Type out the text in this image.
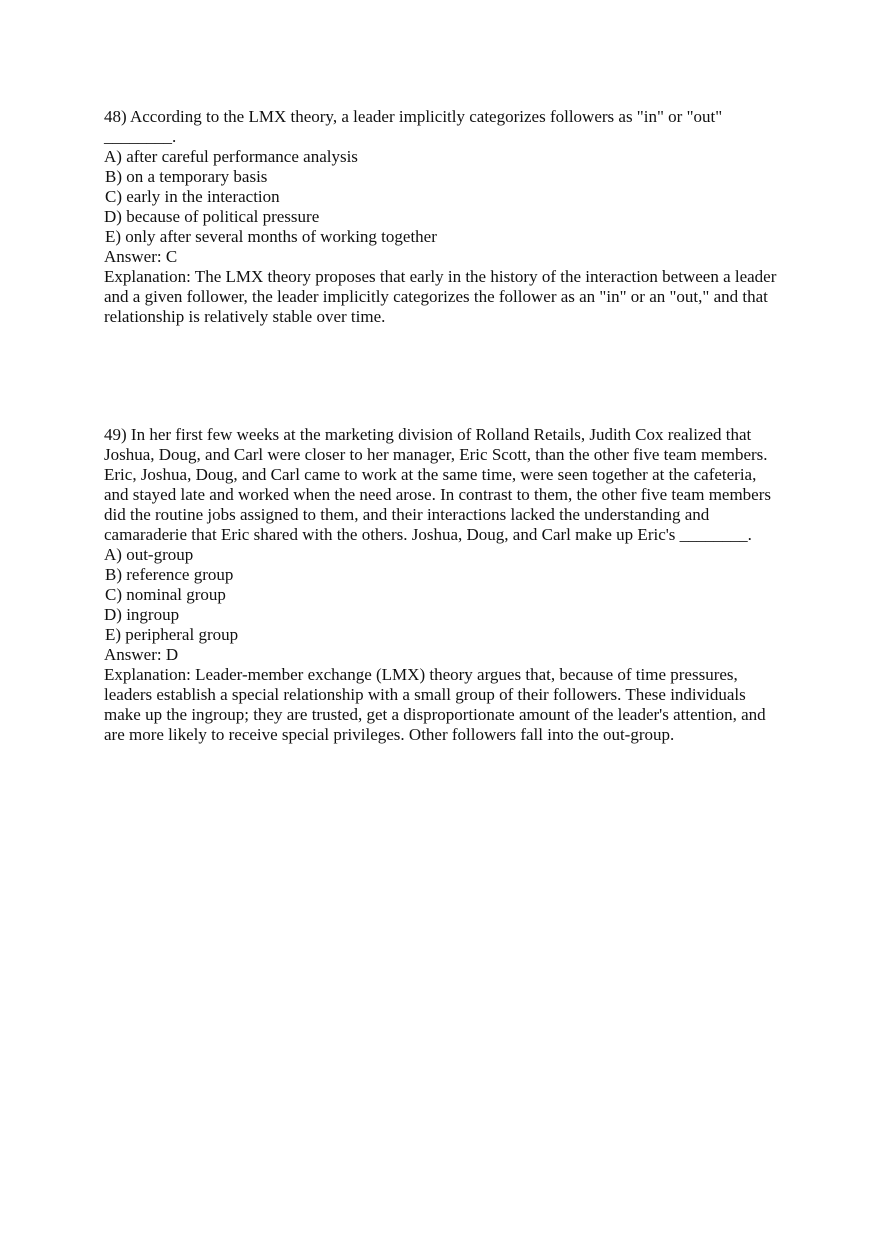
48) According to the LMX theory, a leader implicitly categorizes followers as "in" or "out" ________.

A) after careful performance analysis

B) on a temporary basis

C) early in the interaction

D) because of political pressure

E) only after several months of working together

Answer: C

Explanation: The LMX theory proposes that early in the history of the interaction between a leader and a given follower, the leader implicitly categorizes the follower as an "in" or an "out," and that relationship is relatively stable over time.

49) In her first few weeks at the marketing division of Rolland Retails, Judith Cox realized that Joshua, Doug, and Carl were closer to her manager, Eric Scott, than the other five team members. Eric, Joshua, Doug, and Carl came to work at the same time, were seen together at the cafeteria, and stayed late and worked when the need arose. In contrast to them, the other five team members did the routine jobs assigned to them, and their interactions lacked the understanding and camaraderie that Eric shared with the others. Joshua, Doug, and Carl make up Eric's ________.

A) out-group

B) reference group

C) nominal group

D) ingroup

E) peripheral group

Answer: D

Explanation: Leader-member exchange (LMX) theory argues that, because of time pressures, leaders establish a special relationship with a small group of their followers. These individuals make up the ingroup; they are trusted, get a disproportionate amount of the leader's attention, and are more likely to receive special privileges. Other followers fall into the out-group.
